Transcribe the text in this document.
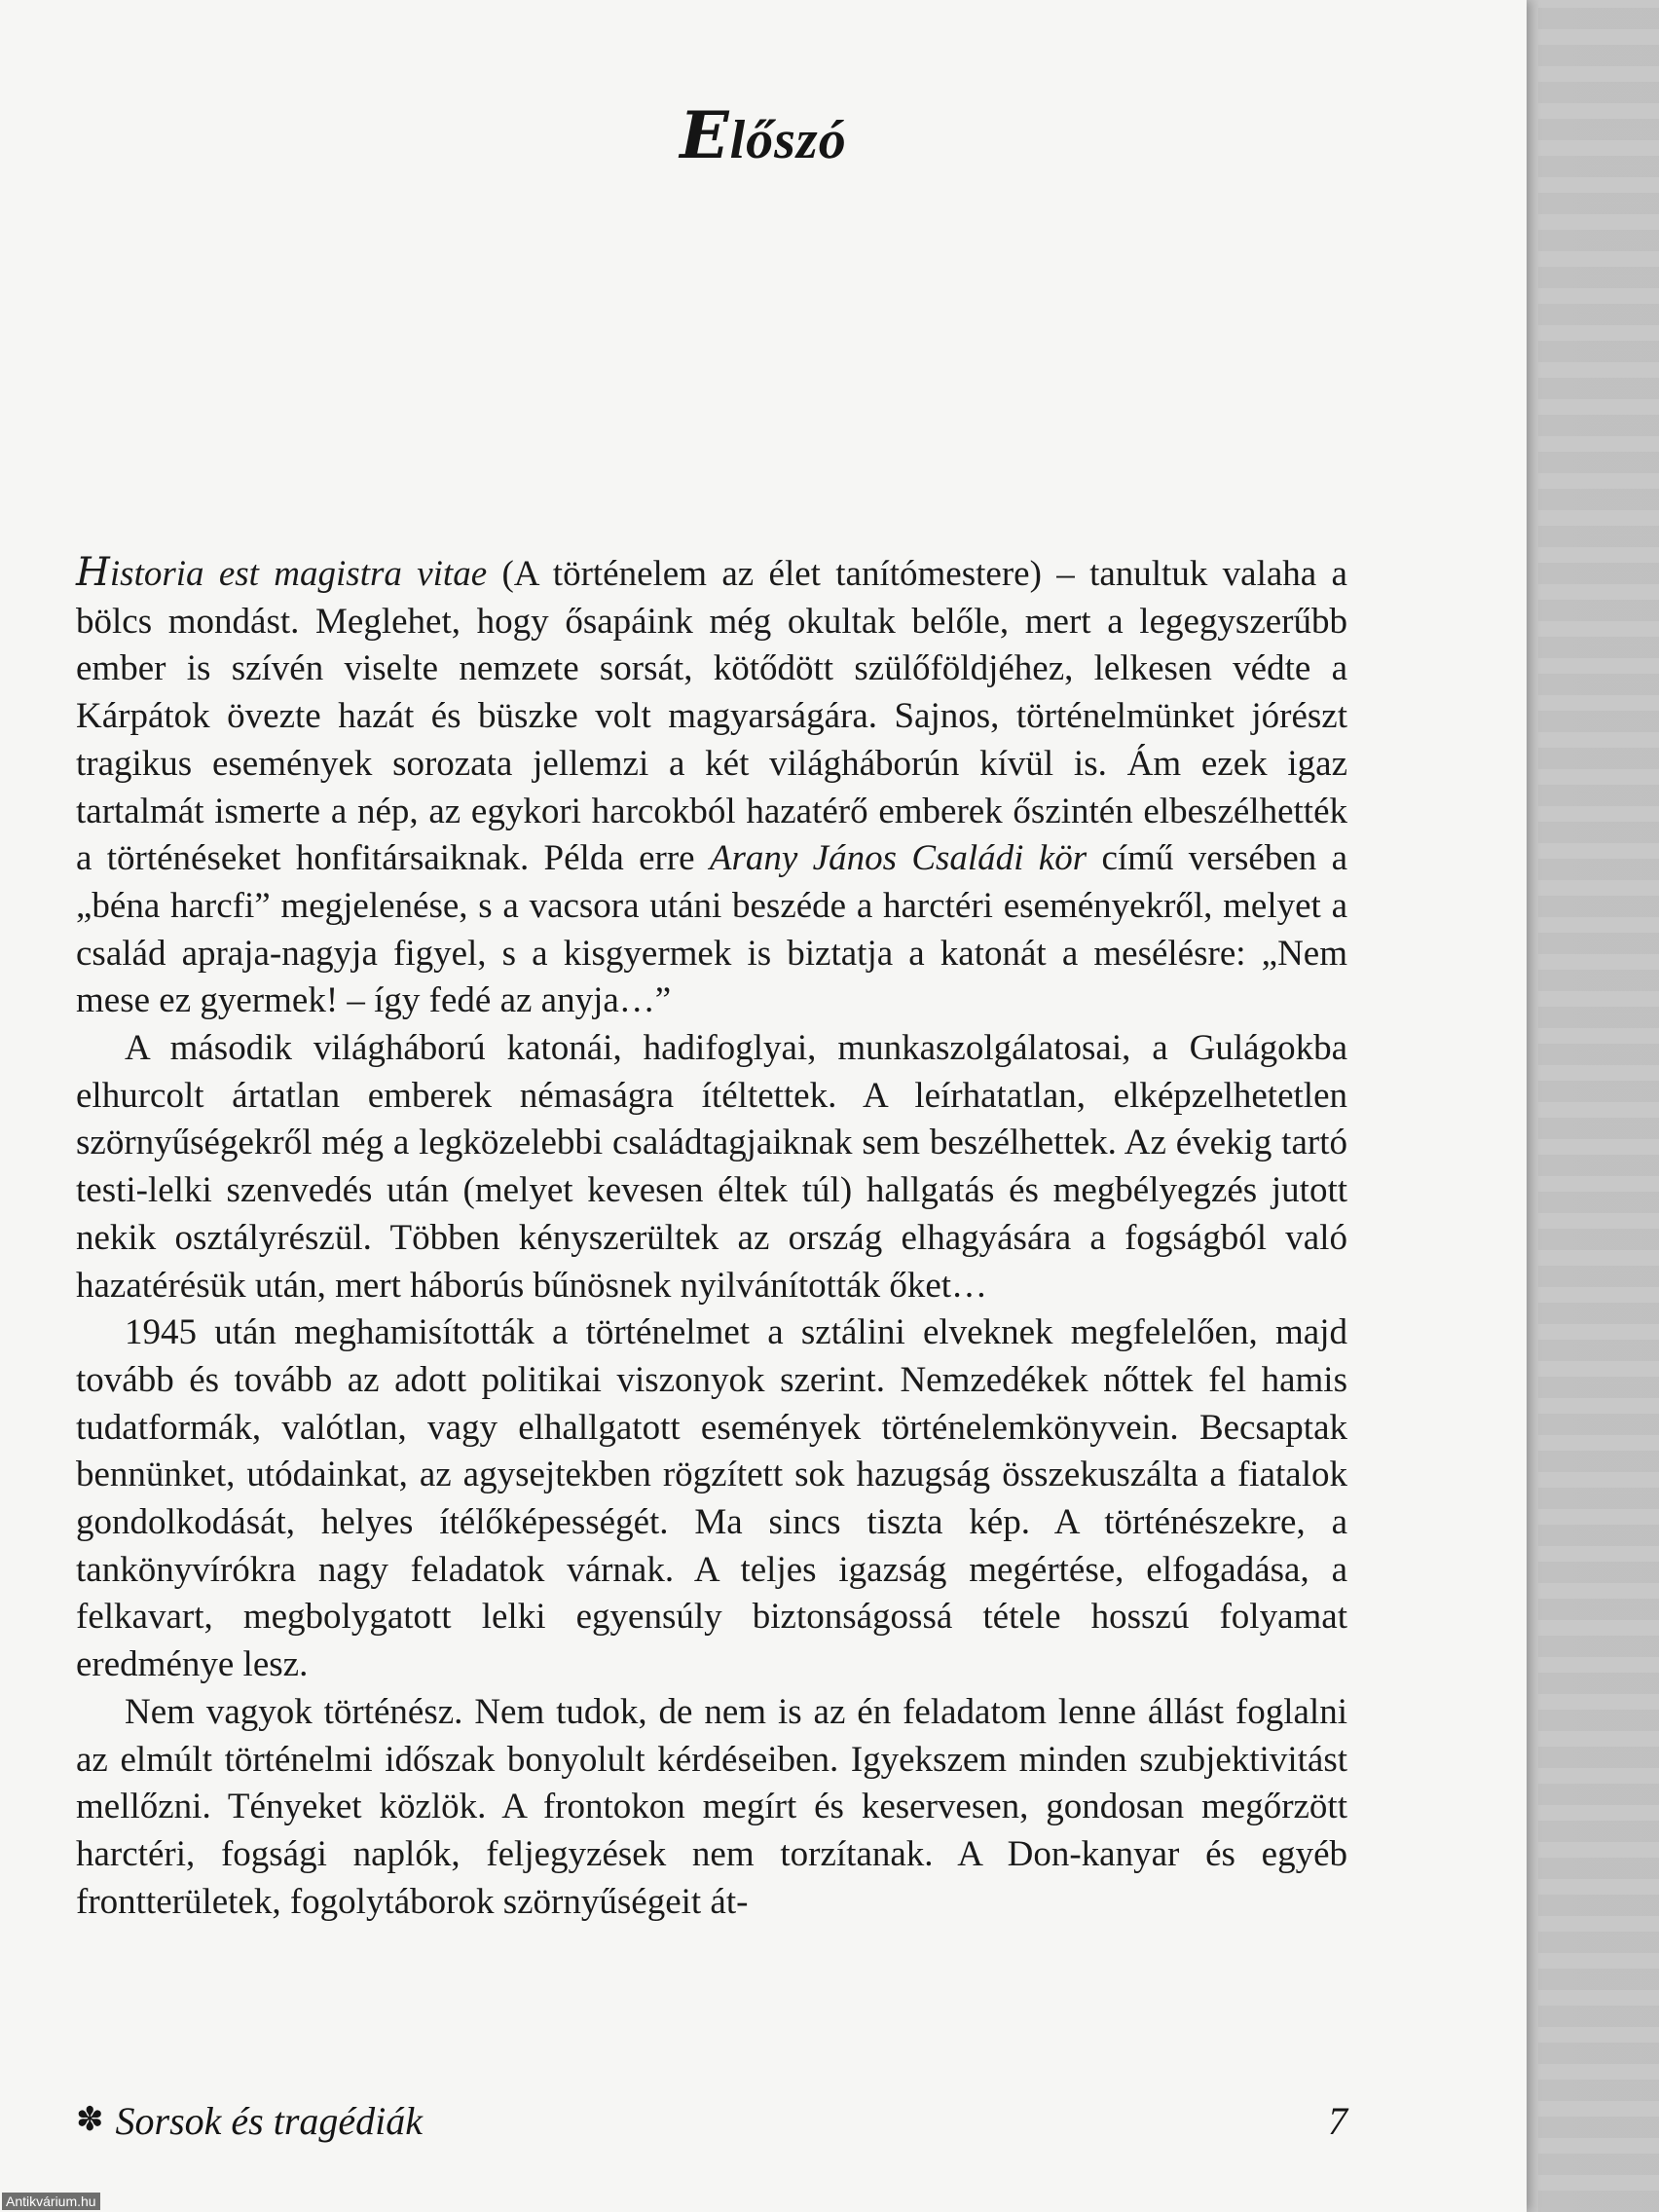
Előszó

Historia est magistra vitae (A történelem az élet tanítómestere) – tanultuk valaha a bölcs mondást. Meglehet, hogy ősapáink még okultak belőle, mert a legegyszerűbb ember is szívén viselte nemzete sorsát, kötődött szülőföldjéhez, lelkesen védte a Kárpátok övezte hazát és büszke volt magyarságára. Sajnos, történelmünket jórészt tragikus események sorozata jellemzi a két világháborún kívül is. Ám ezek igaz tartalmát ismerte a nép, az egykori harcokból hazatérő emberek őszintén elbeszélhették a történéseket honfitársaiknak. Példa erre Arany János Családi kör című versében a „béna harcfi” megjelenése, s a vacsora utáni beszéde a harctéri eseményekről, melyet a család apraja-nagyja figyel, s a kisgyermek is biztatja a katonát a mesélésre: „Nem mese ez gyermek! – így fedé az anyja…”

A második világháború katonái, hadifoglyai, munkaszolgálatosai, a Gulágokba elhurcolt ártatlan emberek némaságra ítéltettek. A leírhatatlan, elképzelhetetlen szörnyűségekről még a legközelebbi családtagjaiknak sem beszélhettek. Az évekig tartó testi-lelki szenvedés után (melyet kevesen éltek túl) hallgatás és megbélyegzés jutott nekik osztályrészül. Többen kényszerültek az ország elhagyására a fogságból való hazatérésük után, mert háborús bűnösnek nyilvánították őket…

1945 után meghamisították a történelmet a sztálini elveknek megfelelően, majd tovább és tovább az adott politikai viszonyok szerint. Nemzedékek nőttek fel hamis tudatformák, valótlan, vagy elhallgatott események történelemkönyvein. Becsaptak bennünket, utódainkat, az agysejtekben rögzített sok hazugság összekuszálta a fiatalok gondolkodását, helyes ítélőképességét. Ma sincs tiszta kép. A történészekre, a tankönyvírókra nagy feladatok várnak. A teljes igazság megértése, elfogadása, a felkavart, megbolygatott lelki egyensúly biztonságossá tétele hosszú folyamat eredménye lesz.

Nem vagyok történész. Nem tudok, de nem is az én feladatom lenne állást foglalni az elmúlt történelmi időszak bonyolult kérdéseiben. Igyekszem minden szubjektivitást mellőzni. Tényeket közlök. A frontokon megírt és keservesen, gondosan megőrzött harctéri, fogsági naplók, feljegyzések nem torzítanak. A Don-kanyar és egyéb frontterületek, fogolytáborok szörnyűségeit át-

✽ Sorsok és tragédiák	7
Antikvárium.hu
